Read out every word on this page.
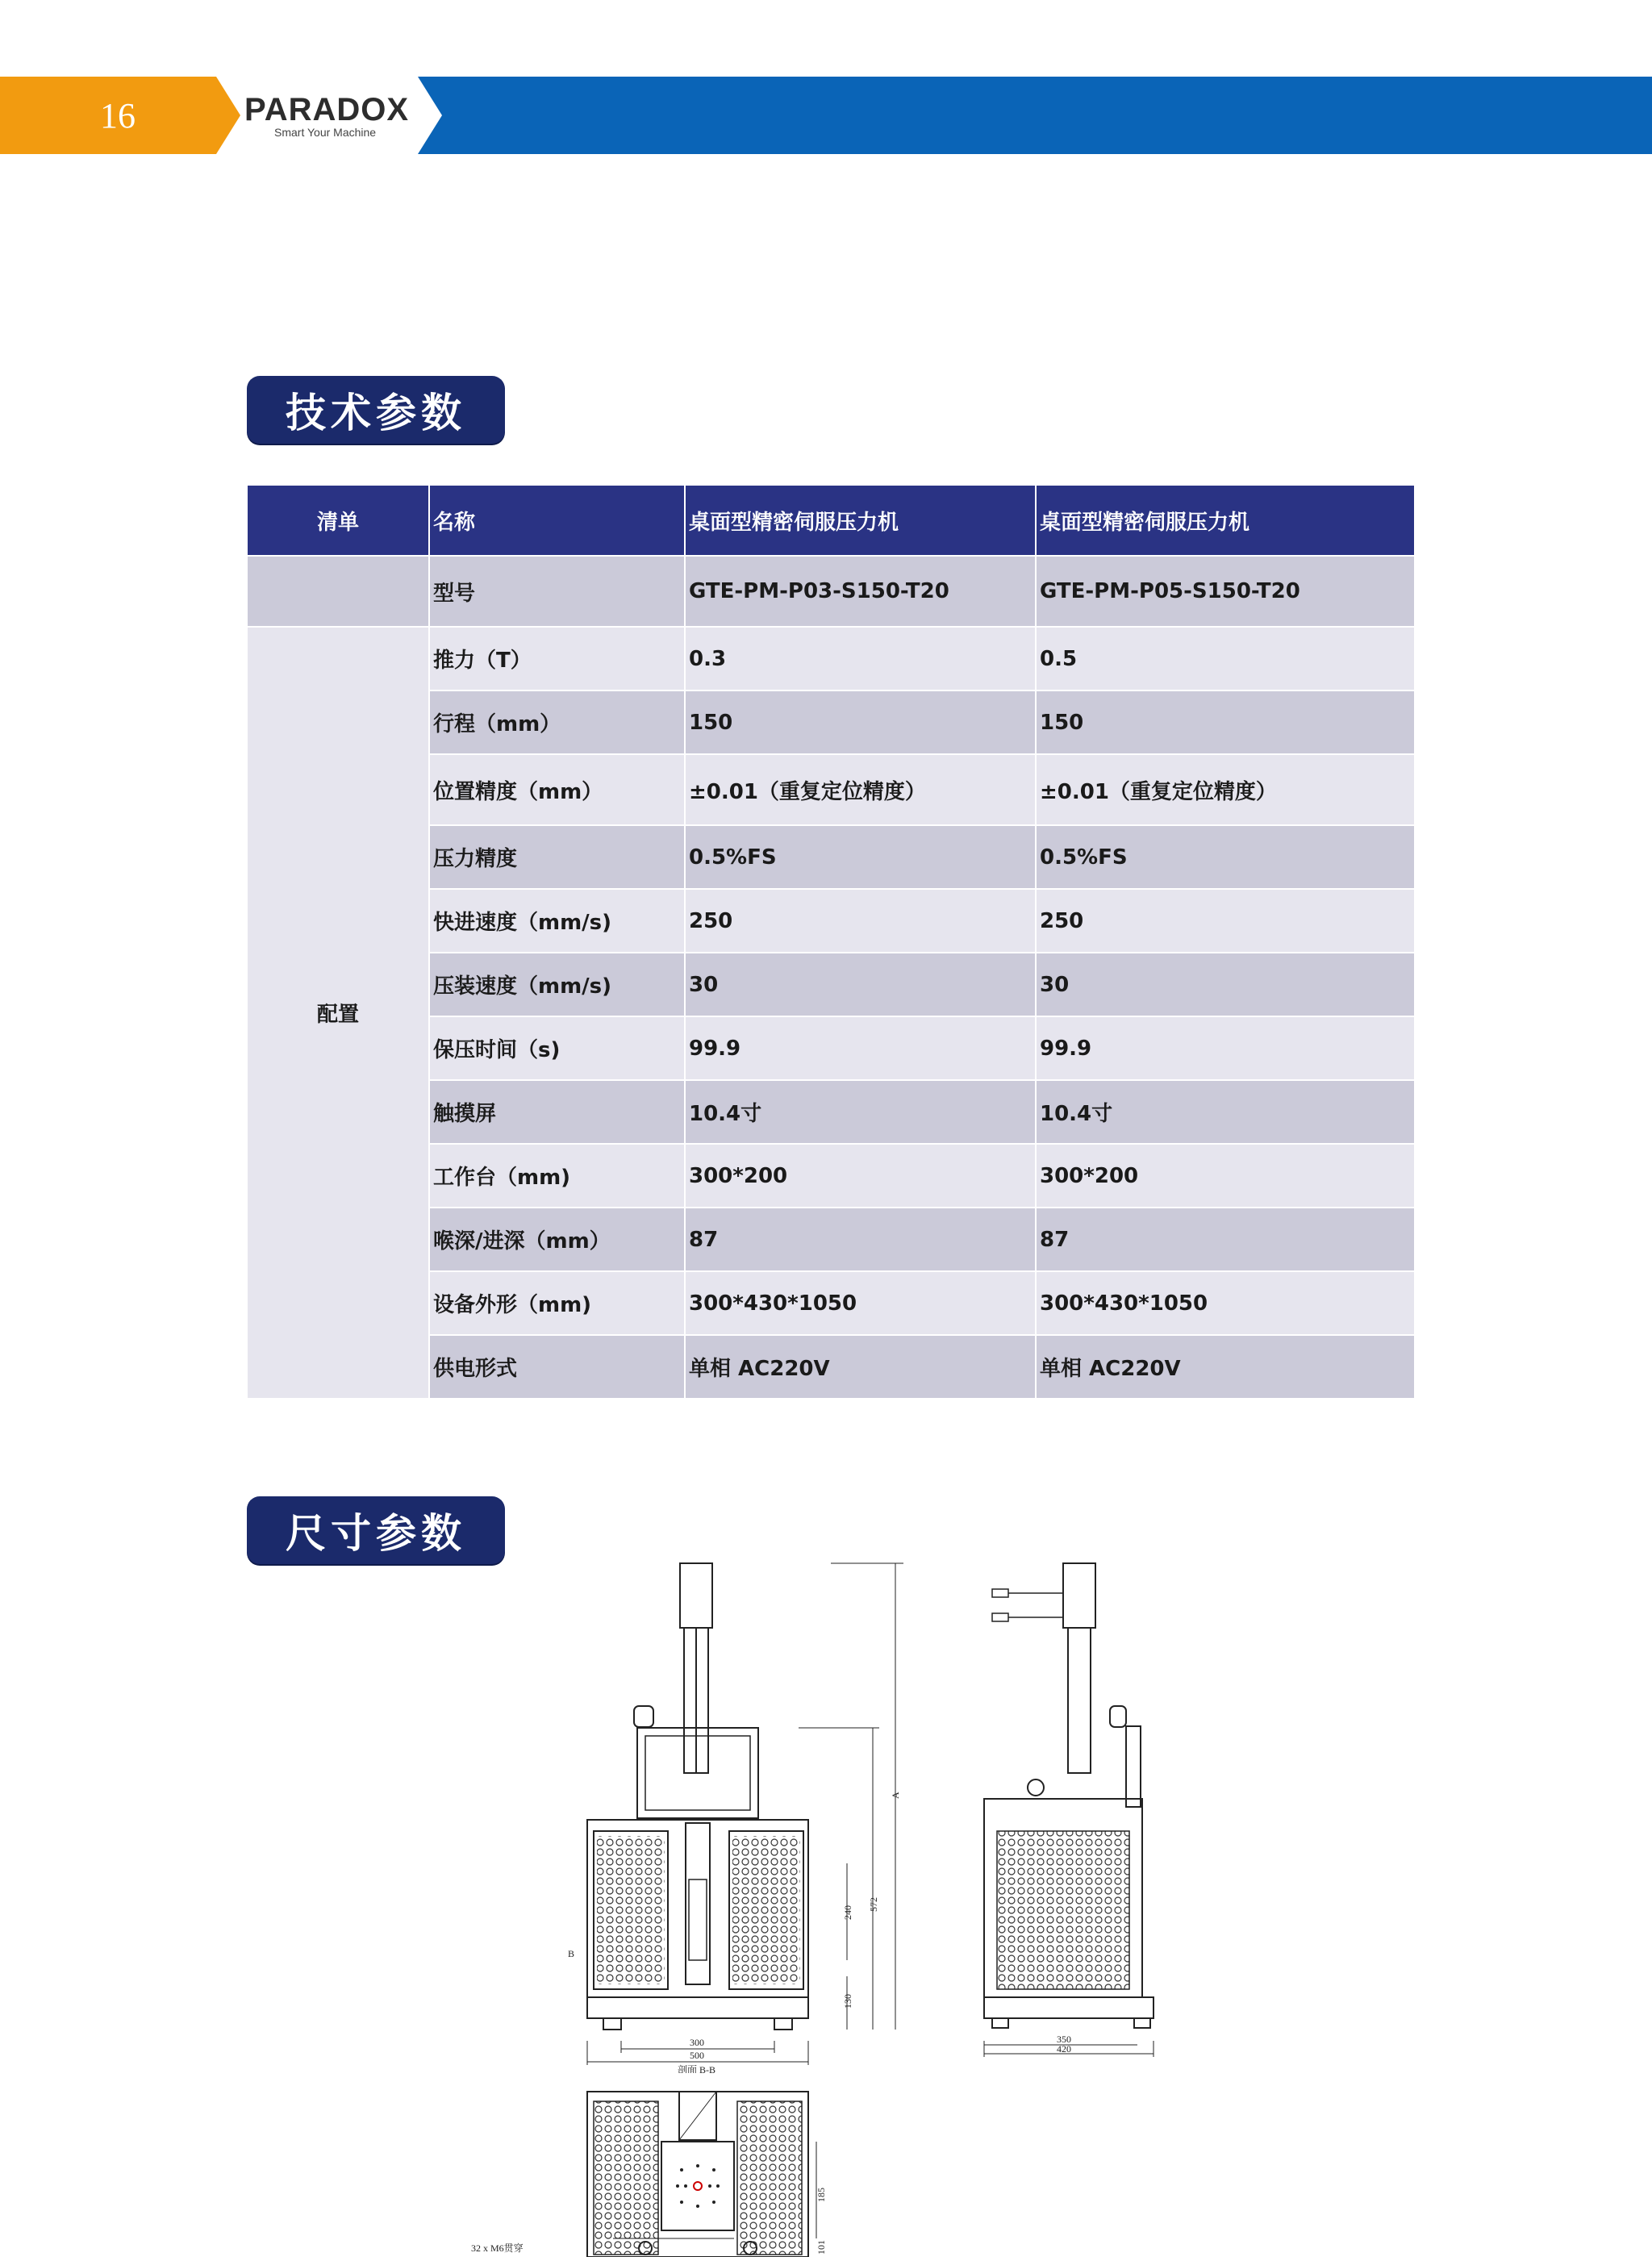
16	PARADOX
Smart Your Machine
技术参数
清单	名称	桌面型精密伺服压力机	桌面型精密伺服压力机
	型号	GTE-PM-P03-S150-T20	GTE-PM-P05-S150-T20
配置	推力（T）	0.3	0.5
	行程（mm）	150	150
	位置精度（mm）	±0.01（重复定位精度）	±0.01（重复定位精度）
	压力精度	0.5%FS	0.5%FS
	快进速度（mm/s)	250	250
	压装速度（mm/s)	30	30
	保压时间（s)	99.9	99.9
	触摸屏	10.4寸	10.4寸
	工作台（mm)	300*200	300*200
	喉深/进深（mm）	87	87
	设备外形（mm)	300*430*1050	300*430*1050
	供电形式	单相 AC220V	单相 AC220V
尺寸参数
A
572
240
130
300
500
B
剖面 B-B
350
420
185
101
32 x M6贯穿
